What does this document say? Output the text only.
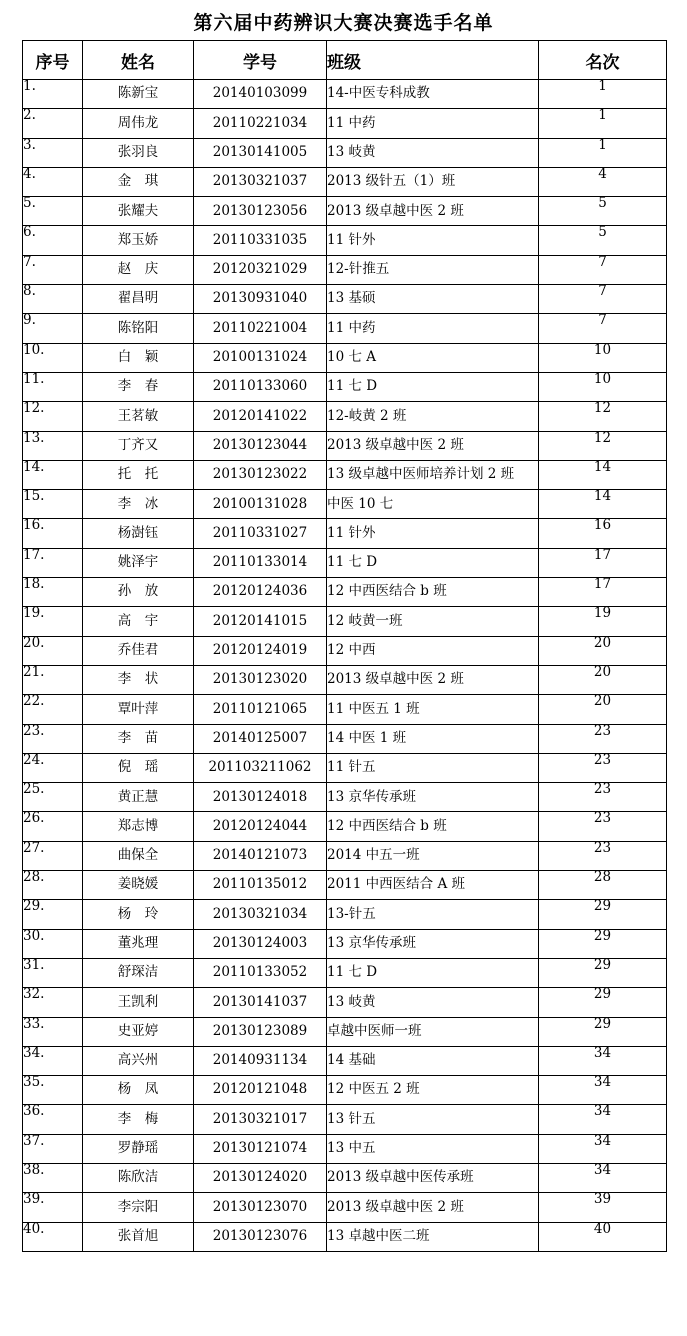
第六届中药辨识大赛决赛选手名单
序号	姓名	学号	班级	名次
1.	陈新宝	20140103099	14-中医专科成教	1
2.	周伟龙	20110221034	11 中药	1
3.	张羽良	20130141005	13 岐黄	1
4.	金　琪	20130321037	2013 级针五（1）班	4
5.	张耀夫	20130123056	2013 级卓越中医 2 班	5
6.	郑玉娇	20110331035	11 针外	5
7.	赵　庆	20120321029	12-针推五	7
8.	翟昌明	20130931040	13 基硕	7
9.	陈铭阳	20110221004	11 中药	7
10.	白　颖	20100131024	10 七 A	10
11.	李　春	20110133060	11 七 D	10
12.	王茗敏	20120141022	12-岐黄 2 班	12
13.	丁齐又	20130123044	2013 级卓越中医 2 班	12
14.	托　托	20130123022	13 级卓越中医师培养计划 2 班	14
15.	李　冰	20100131028	中医 10 七	14
16.	杨澍钰	20110331027	11 针外	16
17.	姚泽宇	20110133014	11 七 D	17
18.	孙　放	20120124036	12 中西医结合 b 班	17
19.	高　宇	20120141015	12 岐黄一班	19
20.	乔佳君	20120124019	12 中西	20
21.	李　状	20130123020	2013 级卓越中医 2 班	20
22.	覃叶萍	20110121065	11 中医五 1 班	20
23.	李　苗	20140125007	14 中医 1 班	23
24.	倪　瑶	201103211062	11 针五	23
25.	黄正慧	20130124018	13 京华传承班	23
26.	郑志博	20120124044	12 中西医结合 b 班	23
27.	曲保全	20140121073	2014 中五一班	23
28.	姜晓媛	20110135012	2011 中西医结合 A 班	28
29.	杨　玲	20130321034	13-针五	29
30.	董兆理	20130124003	13 京华传承班	29
31.	舒琛洁	20110133052	11 七 D	29
32.	王凯利	20130141037	13 岐黄	29
33.	史亚婷	20130123089	卓越中医师一班	29
34.	高兴州	20140931134	14 基础	34
35.	杨　凤	20120121048	12 中医五 2 班	34
36.	李　梅	20130321017	13 针五	34
37.	罗静瑶	20130121074	13 中五	34
38.	陈欣洁	20130124020	2013 级卓越中医传承班	34
39.	李宗阳	20130123070	2013 级卓越中医 2 班	39
40.	张首旭	20130123076	13 卓越中医二班	40
